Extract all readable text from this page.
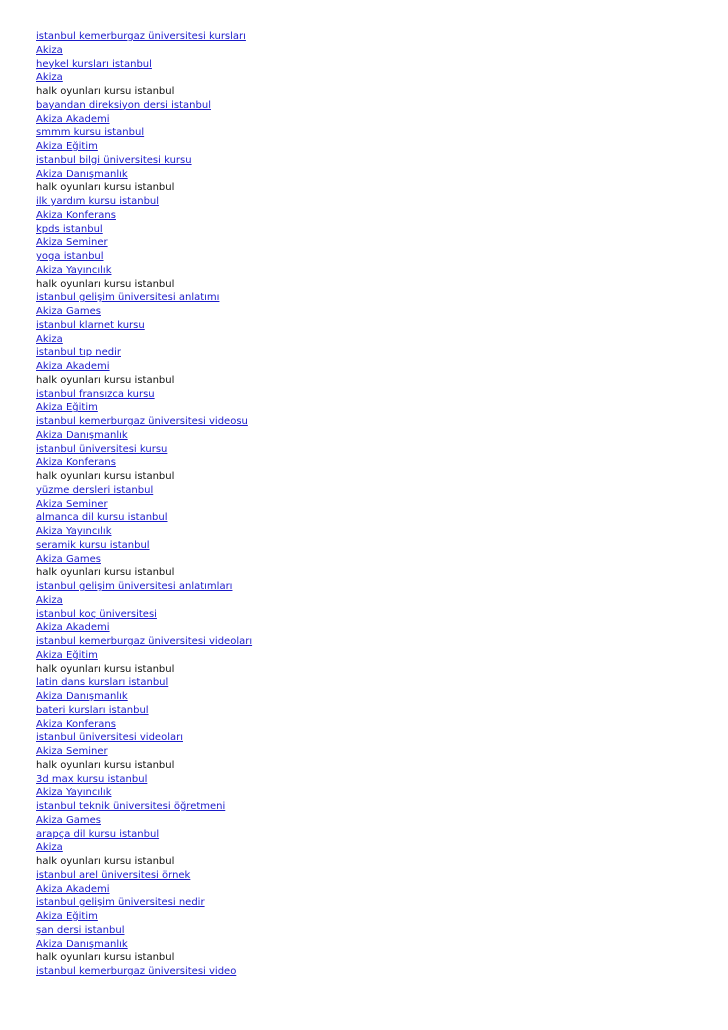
istanbul kemerburgaz üniversitesi kursları
Akiza
heykel kursları istanbul
Akiza
halk oyunları kursu istanbul
bayandan direksiyon dersi istanbul
Akiza Akademi
smmm kursu istanbul
Akiza Eğitim
istanbul bilgi üniversitesi kursu
Akiza Danışmanlık
halk oyunları kursu istanbul
ilk yardım kursu istanbul
Akiza Konferans
kpds istanbul
Akiza Seminer
yoga istanbul
Akiza Yayıncılık
halk oyunları kursu istanbul
istanbul gelişim üniversitesi anlatımı
Akiza Games
istanbul klarnet kursu
Akiza
istanbul tıp nedir
Akiza Akademi
halk oyunları kursu istanbul
istanbul fransızca kursu
Akiza Eğitim
istanbul kemerburgaz üniversitesi videosu
Akiza Danışmanlık
istanbul üniversitesi kursu
Akiza Konferans
halk oyunları kursu istanbul
yüzme dersleri istanbul
Akiza Seminer
almanca dil kursu istanbul
Akiza Yayıncılık
seramik kursu istanbul
Akiza Games
halk oyunları kursu istanbul
istanbul gelişim üniversitesi anlatımları
Akiza
istanbul koç üniversitesi
Akiza Akademi
istanbul kemerburgaz üniversitesi videoları
Akiza Eğitim
halk oyunları kursu istanbul
latin dans kursları istanbul
Akiza Danışmanlık
bateri kursları istanbul
Akiza Konferans
istanbul üniversitesi videoları
Akiza Seminer
halk oyunları kursu istanbul
3d max kursu istanbul
Akiza Yayıncılık
istanbul teknik üniversitesi öğretmeni
Akiza Games
arapça dil kursu istanbul
Akiza
halk oyunları kursu istanbul
istanbul arel üniversitesi örnek
Akiza Akademi
istanbul gelişim üniversitesi nedir
Akiza Eğitim
şan dersi istanbul
Akiza Danışmanlık
halk oyunları kursu istanbul
istanbul kemerburgaz üniversitesi video
